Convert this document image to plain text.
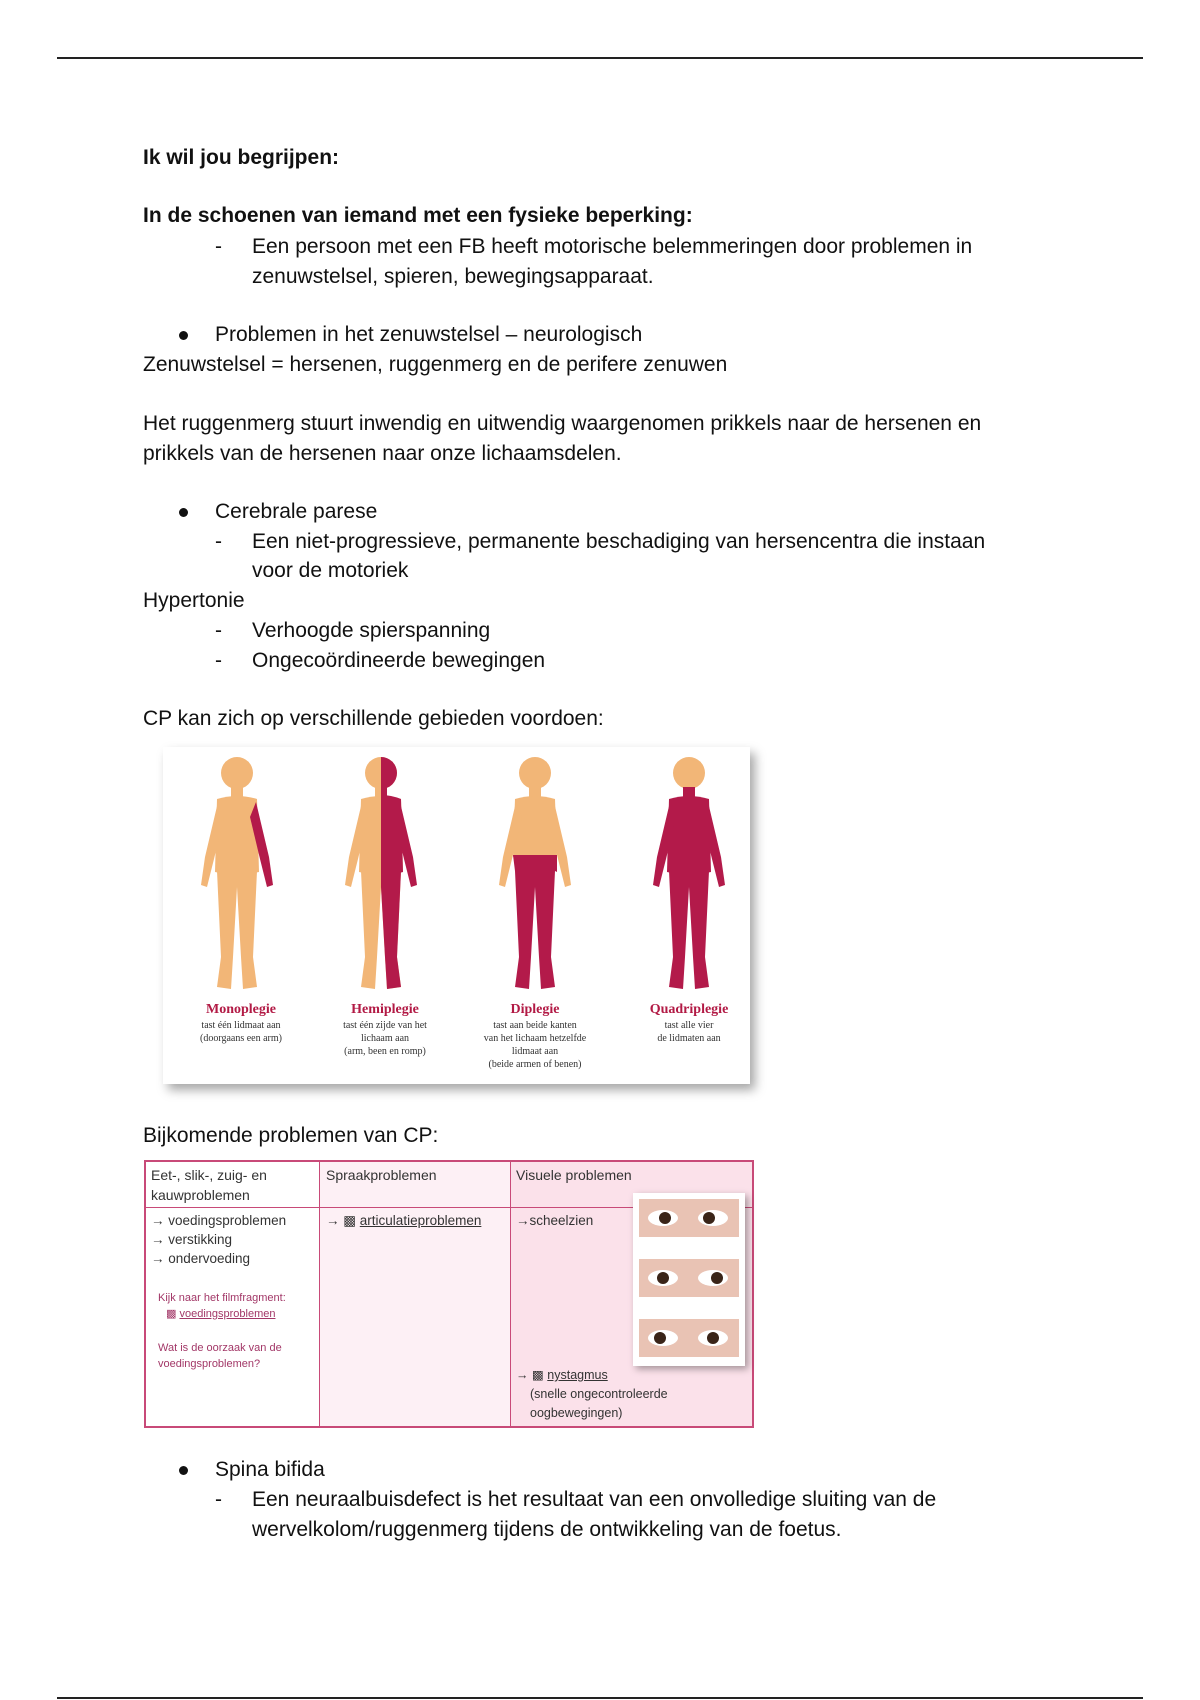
Ik wil jou begrijpen:
In de schoenen van iemand met een fysieke beperking:
- Een persoon met een FB heeft motorische belemmeringen door problemen in
zenuwstelsel, spieren, bewegingsapparaat.
Problemen in het zenuwstelsel – neurologisch
Zenuwstelsel = hersenen, ruggenmerg en de perifere zenuwen
Het ruggenmerg stuurt inwendig en uitwendig waargenomen prikkels naar de hersenen en
prikkels van de hersenen naar onze lichaamsdelen.
Cerebrale parese
- Een niet-progressieve, permanente beschadiging van hersencentra die instaan
voor de motoriek
Hypertonie
- Verhoogde spierspanning
- Ongecoördineerde bewegingen
CP kan zich op verschillende gebieden voordoen:
Monoplegie
tast één lidmaat aan
(doorgaans een arm)
Hemiplegie
tast één zijde van het
lichaam aan
(arm, been en romp)
Diplegie
tast aan beide kanten
van het lichaam hetzelfde
lidmaat aan
(beide armen of benen)
Quadriplegie
tast alle vier
de lidmaten aan
Bijkomende problemen van CP:
Eet-, slik-, zuig- en
kauwproblemen
Spraakproblemen	Visuele problemen
→ voedingsproblemen
→ verstikking
→ ondervoeding
Kijk naar het filmfragment:
▩ voedingsproblemen
Wat is de oorzaak van de
voedingsproblemen?
→ ▩ articulatieproblemen	→scheelzien
→ ▩ nystagmus
(snelle ongecontroleerde
oogbewegingen)
Spina bifida
- Een neuraalbuisdefect is het resultaat van een onvolledige sluiting van de
wervelkolom/ruggenmerg tijdens de ontwikkeling van de foetus.
